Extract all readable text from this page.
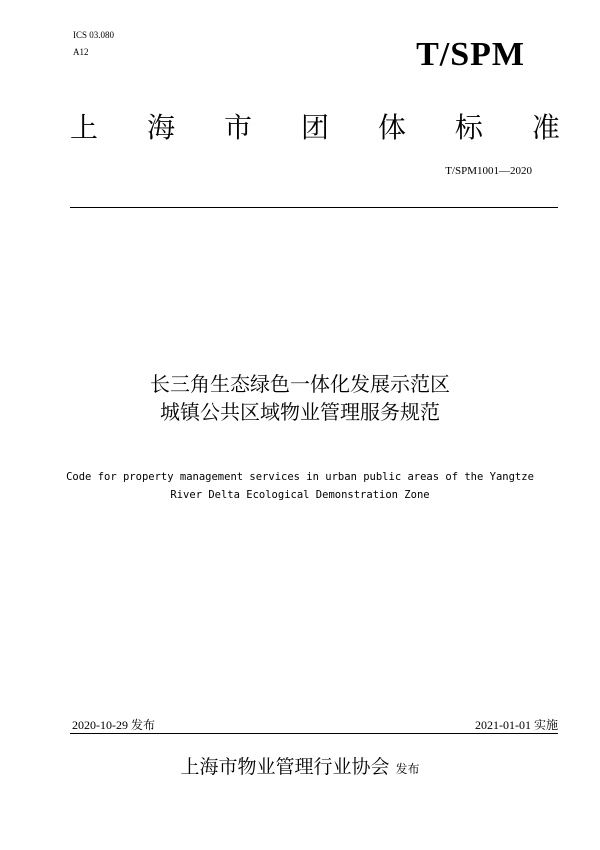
ICS 03.080
A12	T/SPM
上 海 市 团 体 标 准
T/SPM1001—2020
长三角生态绿色一体化发展示范区
城镇公共区域物业管理服务规范
Code for property management services in urban public areas of the Yangtze
River Delta Ecological Demonstration Zone
2020-10-29 发布	2021-01-01 实施
上海市物业管理行业协会 发布
